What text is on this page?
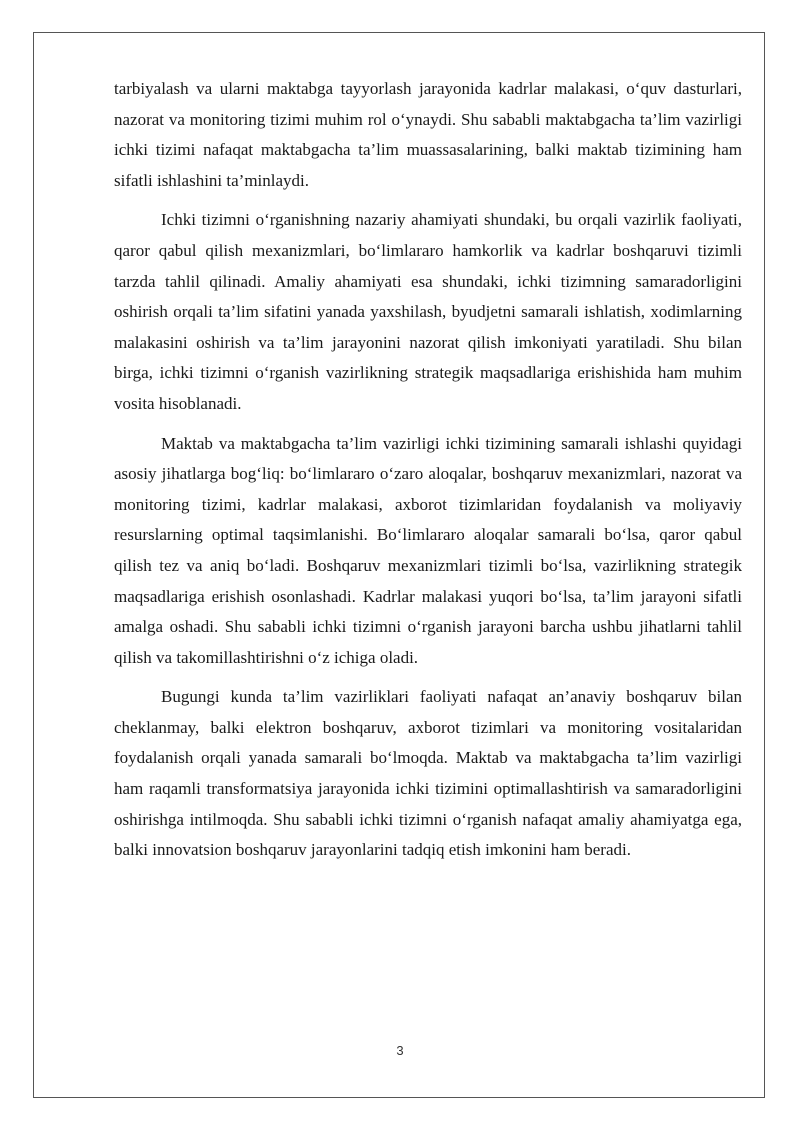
tarbiyalash va ularni maktabga tayyorlash jarayonida kadrlar malakasi, o‘quv dasturlari, nazorat va monitoring tizimi muhim rol o‘ynaydi. Shu sababli maktabgacha ta’lim vazirligi ichki tizimi nafaqat maktabgacha ta’lim muassasalarining, balki maktab tizimining ham sifatli ishlashini ta’minlaydi.

Ichki tizimni o‘rganishning nazariy ahamiyati shundaki, bu orqali vazirlik faoliyati, qaror qabul qilish mexanizmlari, bo‘limlararo hamkorlik va kadrlar boshqaruvi tizimli tarzda tahlil qilinadi. Amaliy ahamiyati esa shundaki, ichki tizimning samaradorligini oshirish orqali ta’lim sifatini yanada yaxshilash, byudjetni samarali ishlatish, xodimlarning malakasini oshirish va ta’lim jarayonini nazorat qilish imkoniyati yaratiladi. Shu bilan birga, ichki tizimni o‘rganish vazirlikning strategik maqsadlariga erishishida ham muhim vosita hisoblanadi.

Maktab va maktabgacha ta’lim vazirligi ichki tizimining samarali ishlashi quyidagi asosiy jihatlarga bog‘liq: bo‘limlararo o‘zaro aloqalar, boshqaruv mexanizmlari, nazorat va monitoring tizimi, kadrlar malakasi, axborot tizimlaridan foydalanish va moliyaviy resurslarning optimal taqsimlanishi. Bo‘limlararo aloqalar samarali bo‘lsa, qaror qabul qilish tez va aniq bo‘ladi. Boshqaruv mexanizmlari tizimli bo‘lsa, vazirlikning strategik maqsadlariga erishish osonlashadi. Kadrlar malakasi yuqori bo‘lsa, ta’lim jarayoni sifatli amalga oshadi. Shu sababli ichki tizimni o‘rganish jarayoni barcha ushbu jihatlarni tahlil qilish va takomillashtirishni o‘z ichiga oladi.

Bugungi kunda ta’lim vazirliklari faoliyati nafaqat an’anaviy boshqaruv bilan cheklanmay, balki elektron boshqaruv, axborot tizimlari va monitoring vositalaridan foydalanish orqali yanada samarali bo‘lmoqda. Maktab va maktabgacha ta’lim vazirligi ham raqamli transformatsiya jarayonida ichki tizimini optimallashtirish va samaradorligini oshirishga intilmoqda. Shu sababli ichki tizimni o‘rganish nafaqat amaliy ahamiyatga ega, balki innovatsion boshqaruv jarayonlarini tadqiq etish imkonini ham beradi.

3
